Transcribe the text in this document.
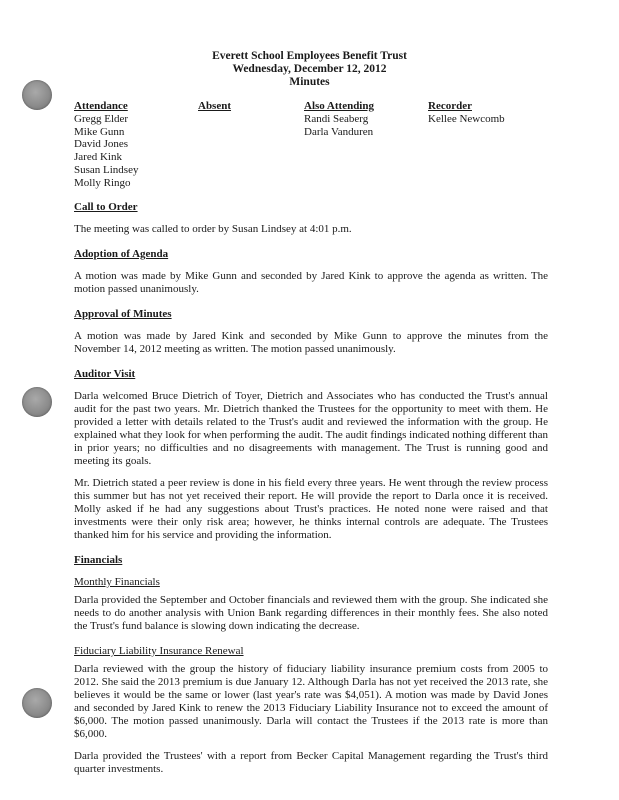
Everett School Employees Benefit Trust
Wednesday, December 12, 2012
Minutes
Attendance
Gregg Elder
Mike Gunn
David Jones
Jared Kink
Susan Lindsey
Molly Ringo
Absent	Also Attending
Randi Seaberg
Darla Vanduren
Recorder
Kellee Newcomb
Call to Order
The meeting was called to order by Susan Lindsey at 4:01 p.m.
Adoption of Agenda
A motion was made by Mike Gunn and seconded by Jared Kink to approve the agenda as written. The motion passed unanimously.
Approval of Minutes
A motion was made by Jared Kink and seconded by Mike Gunn to approve the minutes from the November 14, 2012 meeting as written. The motion passed unanimously.
Auditor Visit
Darla welcomed Bruce Dietrich of Toyer, Dietrich and Associates who has conducted the Trust's annual audit for the past two years. Mr. Dietrich thanked the Trustees for the opportunity to meet with them. He provided a letter with details related to the Trust's audit and reviewed the information with the group. He explained what they look for when performing the audit. The audit findings indicated nothing different than in prior years; no difficulties and no disagreements with management. The Trust is running good and meeting its goals.
Mr. Dietrich stated a peer review is done in his field every three years. He went through the review process this summer but has not yet received their report. He will provide the report to Darla once it is received. Molly asked if he had any suggestions about Trust's practices. He noted none were raised and that investments were their only risk area; however, he thinks internal controls are adequate. The Trustees thanked him for his service and providing the information.
Financials
Monthly Financials
Darla provided the September and October financials and reviewed them with the group. She indicated she needs to do another analysis with Union Bank regarding differences in their monthly fees. She also noted the Trust's fund balance is slowing down indicating the decrease.
Fiduciary Liability Insurance Renewal
Darla reviewed with the group the history of fiduciary liability insurance premium costs from 2005 to 2012. She said the 2013 premium is due January 12. Although Darla has not yet received the 2013 rate, she believes it would be the same or lower (last year's rate was $4,051). A motion was made by David Jones and seconded by Jared Kink to renew the 2013 Fiduciary Liability Insurance not to exceed the amount of $6,000. The motion passed unanimously. Darla will contact the Trustees if the 2013 rate is more than $6,000.
Darla provided the Trustees' with a report from Becker Capital Management regarding the Trust's third quarter investments.
